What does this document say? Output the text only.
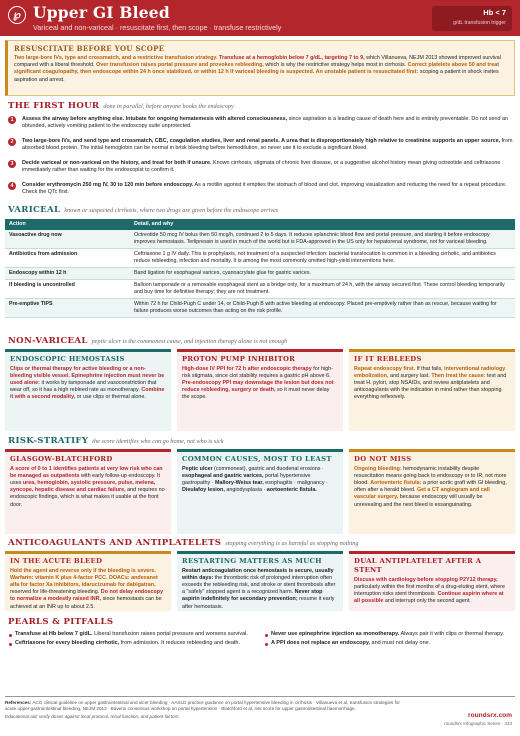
℘ Upper GI Bleed
Variceal and non-variceal · resuscitate first, then scope · transfuse restrictively
Hb < 7
g/dL transfusion trigger
RESUSCITATE BEFORE YOU SCOPE
Two large-bore IVs, type and crossmatch, and a restrictive transfusion strategy. Transfuse at a hemoglobin below 7 g/dL, targeting 7 to 9, which Villanueva, NEJM 2013 showed improved survival compared with a liberal threshold. Over transfusion raises portal pressure and provokes rebleeding, which is why the restrictive strategy helps most in cirrhosis. Correct platelets above 50 and treat significant coagulopathy, then endoscope within 24 h once stabilized, or within 12 h if variceal bleeding is suspected. An unstable patient is resuscitated first: scoping a patient in shock invites aspiration and arrest.
THE FIRST HOUR done in parallel, before anyone books the endoscopy
1	Assess the airway before anything else. Intubate for ongoing hematemesis with altered consciousness, since aspiration is a leading cause of death here and is entirely preventable. Do not send an obtunded, actively vomiting patient to the endoscopy suite unprotected.
2	Two large-bore IVs, and send type and crossmatch, CBC, coagulation studies, liver and renal panels. A urea that is disproportionately high relative to creatinine supports an upper source, from absorbed blood protein. The initial hemoglobin can be normal in brisk bleeding before hemodilution, so never use it to exclude a significant bleed.
3	Decide variceal or non-variceal on the history, and treat for both if unsure. Known cirrhosis, stigmata of chronic liver disease, or a suggestive alcohol history mean giving octreotide and ceftriaxone immediately rather than waiting for the endoscopist to confirm it.
4	Consider erythromycin 250 mg IV, 30 to 120 min before endoscopy. As a motilin agonist it empties the stomach of blood and clot, improving visualization and reducing the need for a repeat procedure. Check the QTc first.
VARICEAL known or suspected cirrhosis, where two drugs are given before the endoscope arrives
Action	Detail, and why
Vasoactive drug now	Octreotide 50 mcg IV bolus then 50 mcg/h, continued 2 to 5 days. It reduces splanchnic blood flow and portal pressure, and starting it before endoscopy improves hemostasis. Terlipressin is used in much of the world but is FDA-approved in the US only for hepatorenal syndrome, not for variceal bleeding.
Antibiotics from admission	Ceftriaxone 1 g IV daily. This is prophylaxis, not treatment of a suspected infection: bacterial translocation is common in a bleeding cirrhotic, and antibiotics reduce rebleeding, infection and mortality. It is among the most commonly omitted high-yield interventions here.
Endoscopy within 12 h	Band ligation for esophageal varices, cyanoacrylate glue for gastric varices.
If bleeding is uncontrolled	Balloon tamponade or a removable esophageal stent as a bridge only, for a maximum of 24 h, with the airway secured first. These control bleeding temporarily and buy time for definitive therapy; they are not treatment.
Pre-emptive TIPS	Within 72 h for Child-Pugh C under 14, or Child-Pugh B with active bleeding at endoscopy. Placed pre-emptively rather than as rescue, because waiting for failure produces worse outcomes than acting on the risk profile.
NON-VARICEAL peptic ulcer is the commonest cause, and injection therapy alone is not enough
ENDOSCOPIC HEMOSTASIS
Clips or thermal therapy for active bleeding or a non-bleeding visible vessel. Epinephrine injection must never be used alone: it works by tamponade and vasoconstriction that wear off, so it has a high rebleed rate as monotherapy. Combine it with a second modality, or use clips or thermal alone.
PROTON PUMP INHIBITOR
High-dose IV PPI for 72 h after endoscopic therapy for high-risk stigmata, since clot stability requires a gastric pH above 6. Pre-endoscopy PPI may downstage the lesion but does not reduce rebleeding, surgery or death, so it must never delay the scope.
IF IT REBLEEDS
Repeat endoscopy first. If that fails, interventional radiology embolization, and surgery last. Then treat the cause: test and treat H. pylori, stop NSAIDs, and review antiplatelets and anticoagulants with the indication in mind rather than stopping everything reflexively.
RISK-STRATIFY the score identifies who can go home, not who is sick
GLASGOW-BLATCHFORD
A score of 0 to 1 identifies patients at very low risk who can be managed as outpatients with early follow-up endoscopy. It uses urea, hemoglobin, systolic pressure, pulse, melena, syncope, hepatic disease and cardiac failure, and requires no endoscopic findings, which is what makes it usable at the front door.
COMMON CAUSES, MOST TO LEAST
Peptic ulcer (commonest), gastric and duodenal erosions · esophageal and gastric varices, portal hypertensive gastropathy · Mallory-Weiss tear, esophagitis · malignancy · Dieulafoy lesion, angiodysplasia · aortoenteric fistula.
DO NOT MISS
Ongoing bleeding: hemodynamic instability despite resuscitation means going back to endoscopy or to IR, not more blood. Aortoenteric fistula: a prior aortic graft with GI bleeding, often after a herald bleed. Get a CT angiogram and call vascular surgery, because endoscopy will usually be unrevealing and the next bleed is exsanguinating.
ANTICOAGULANTS AND ANTIPLATELETS stopping everything is as harmful as stopping nothing
IN THE ACUTE BLEED
Hold the agent and reverse only if the bleeding is severe. Warfarin: vitamin K plus 4-factor PCC. DOACs: andexanet alfa for factor Xa inhibitors, idarucizumab for dabigatran, reserved for life-threatening bleeding. Do not delay endoscopy to normalize a modestly raised INR, since hemostasis can be achieved at an INR up to about 2.5.
RESTARTING MATTERS AS MUCH
Restart anticoagulation once hemostasis is secure, usually within days: the thrombotic risk of prolonged interruption often exceeds the rebleeding risk, and stroke or stent thrombosis after a "safely" stopped agent is a recognized harm. Never stop aspirin indefinitely for secondary prevention; resume it early after hemostasis.
DUAL ANTIPLATELET AFTER A STENT
Discuss with cardiology before stopping P2Y12 therapy, particularly within the first months of a drug-eluting stent, where interruption risks stent thrombosis. Continue aspirin where at all possible and interrupt only the second agent.
PEARLS & PITFALLS
Transfuse at Hb below 7 g/dL. Liberal transfusion raises portal pressure and worsens survival.
Ceftriaxone for every bleeding cirrhotic, from admission. It reduces rebleeding and death.
Never use epinephrine injection as monotherapy. Always pair it with clips or thermal therapy.
A PPI does not replace an endoscopy, and must not delay one.
References: ACG clinical guideline on upper gastrointestinal and ulcer bleeding · AASLD practice guidance on portal hypertensive bleeding in cirrhosis · Villanueva et al, transfusion strategies for acute upper gastrointestinal bleeding, NEJM 2013 · Baveno consensus workshop on portal hypertension · Blatchford et al, risk score for upper gastrointestinal haemorrhage.
Educational aid; verify doses against local protocol, renal function, and patient factors.	roundsrx.com
roundsrx Infographic Series · 433
